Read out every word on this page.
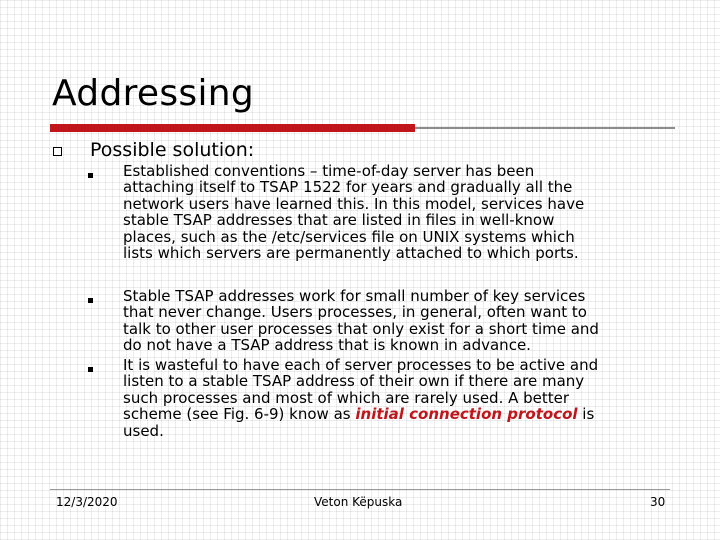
Addressing
Possible solution:
Established conventions – time-of-day server has been
attaching itself to TSAP 1522 for years and gradually all the
network users have learned this. In this model, services have
stable TSAP addresses that are listed in files in well-know
places, such as the /etc/services file on UNIX systems which
lists which servers are permanently attached to which ports.
Stable TSAP addresses work for small number of key services
that never change. Users processes, in general, often want to
talk to other user processes that only exist for a short time and
do not have a TSAP address that is known in advance.
It is wasteful to have each of server processes to be active and
listen to a stable TSAP address of their own if there are many
such processes and most of which are rarely used. A better
scheme (see Fig. 6-9) know as initial connection protocol is
used.
12/3/2020	Veton Këpuska	30
